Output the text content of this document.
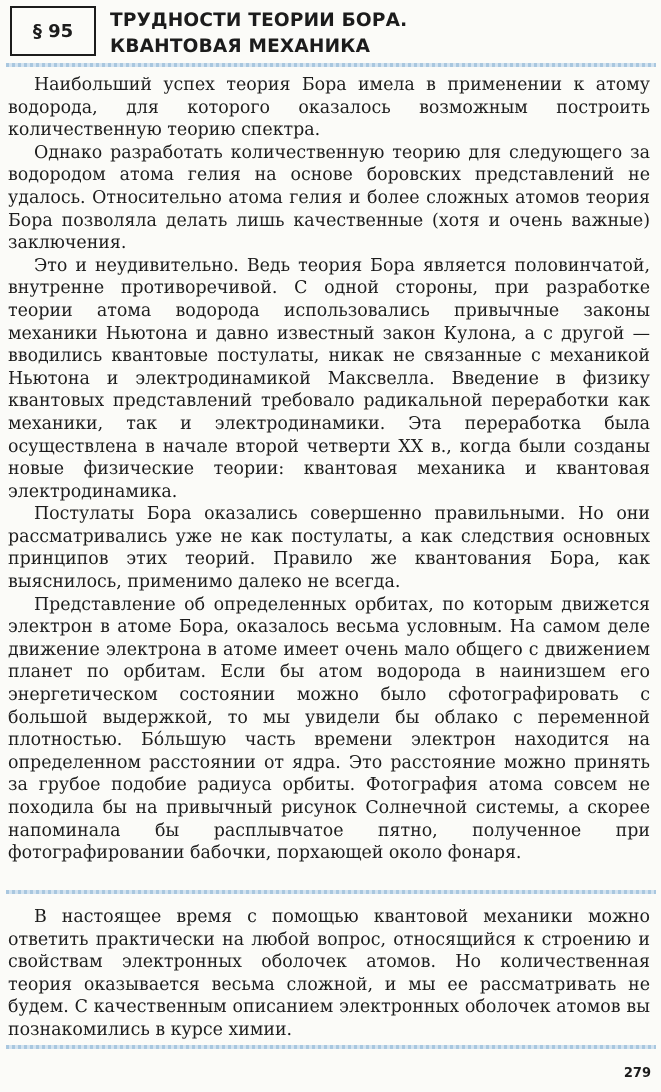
§ 95	ТРУДНОСТИ ТЕОРИИ БОРА.
КВАНТОВАЯ МЕХАНИКА

Наибольший успех теория Бора имела в применении к атому водорода, для которого оказалось возможным построить количественную теорию спектра.

Однако разработать количественную теорию для следующего за водородом атома гелия на основе боровских представлений не удалось. Относительно атома гелия и более сложных атомов теория Бора позволяла делать лишь качественные (хотя и очень важные) заключения.

Это и неудивительно. Ведь теория Бора является половинчатой, внутренне противоречивой. С одной стороны, при разработке теории атома водорода использовались привычные законы механики Ньютона и давно известный закон Кулона, а с другой — вводились квантовые постулаты, никак не связанные с механикой Ньютона и электродинамикой Максвелла. Введение в физику квантовых представлений требовало радикальной переработки как механики, так и электродинамики. Эта переработка была осуществлена в начале второй четверти XX в., когда были созданы новые физические теории: квантовая механика и квантовая электродинамика.

Постулаты Бора оказались совершенно правильными. Но они рассматривались уже не как постулаты, а как следствия основных принципов этих теорий. Правило же квантования Бора, как выяснилось, применимо далеко не всегда.

Представление об определенных орбитах, по которым движется электрон в атоме Бора, оказалось весьма условным. На самом деле движение электрона в атоме имеет очень мало общего с движением планет по орбитам. Если бы атом водорода в наинизшем его энергетическом состоянии можно было сфотографировать с большой выдержкой, то мы увидели бы облако с переменной плотностью. Бо́льшую часть времени электрон находится на определенном расстоянии от ядра. Это расстояние можно принять за грубое подобие радиуса орбиты. Фотография атома совсем не походила бы на привычный рисунок Солнечной системы, а скорее напоминала бы расплывчатое пятно, полученное при фотографировании бабочки, порхающей около фонаря.

В настоящее время с помощью квантовой механики можно ответить практически на любой вопрос, относящийся к строению и свойствам электронных оболочек атомов. Но количественная теория оказывается весьма сложной, и мы ее рассматривать не будем. С качественным описанием электронных оболочек атомов вы познакомились в курсе химии.

279
